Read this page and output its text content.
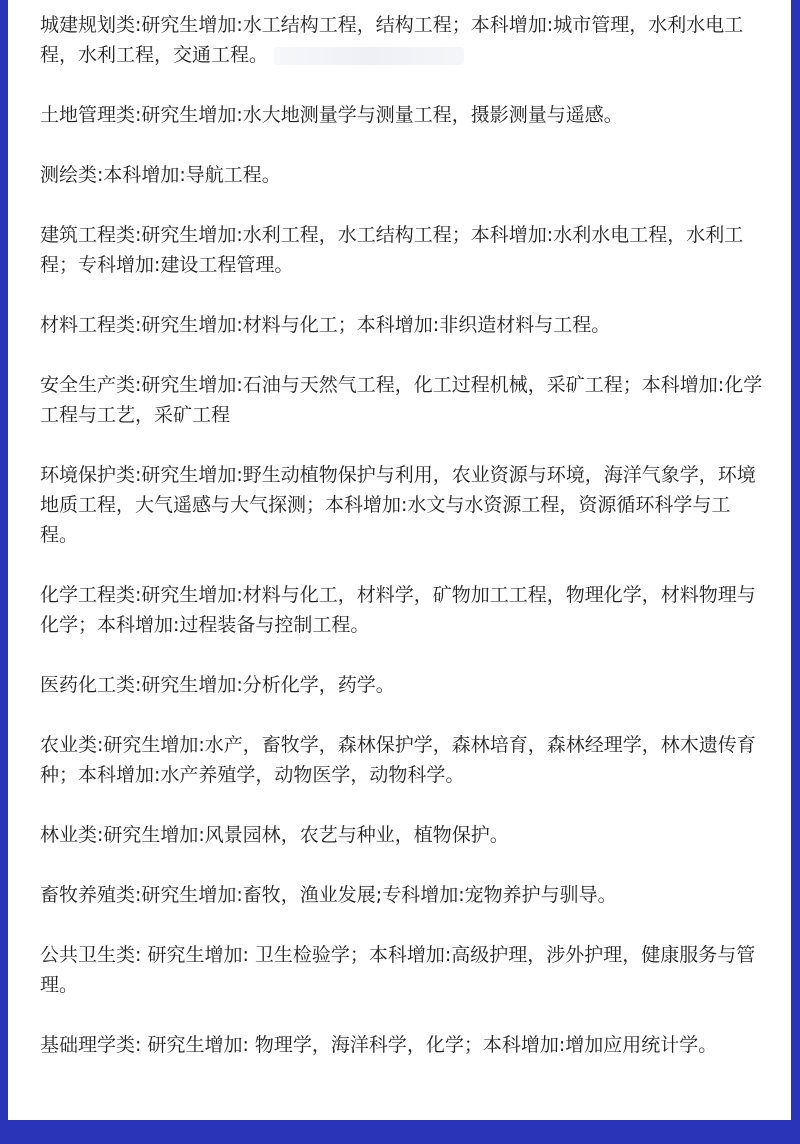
城建规划类:研究生增加:水工结构工程，结构工程；本科增加:城市管理，水利水电工程，水利工程，交通工程。

土地管理类:研究生增加:水大地测量学与测量工程，摄影测量与遥感。

测绘类:本科增加:导航工程。

建筑工程类:研究生增加:水利工程，水工结构工程；本科增加:水利水电工程，水利工程；专科增加:建设工程管理。

材料工程类:研究生增加:材料与化工；本科增加:非织造材料与工程。

安全生产类:研究生增加:石油与天然气工程，化工过程机械，采矿工程；本科增加:化学工程与工艺，采矿工程

环境保护类:研究生增加:野生动植物保护与利用，农业资源与环境，海洋气象学，环境地质工程，大气遥感与大气探测；本科增加:水文与水资源工程，资源循环科学与工程。

化学工程类:研究生增加:材料与化工，材料学，矿物加工工程，物理化学，材料物理与化学；本科增加:过程装备与控制工程。

医药化工类:研究生增加:分析化学，药学。

农业类:研究生增加:水产，畜牧学，森林保护学，森林培育，森林经理学，林木遗传育种；本科增加:水产养殖学，动物医学，动物科学。

林业类:研究生增加:风景园林，农艺与种业，植物保护。

畜牧养殖类:研究生增加:畜牧，渔业发展;专科增加:宠物养护与驯导。

公共卫生类: 研究生增加: 卫生检验学；本科增加:高级护理，涉外护理，健康服务与管理。

基础理学类: 研究生增加: 物理学，海洋科学，化学；本科增加:增加应用统计学。
